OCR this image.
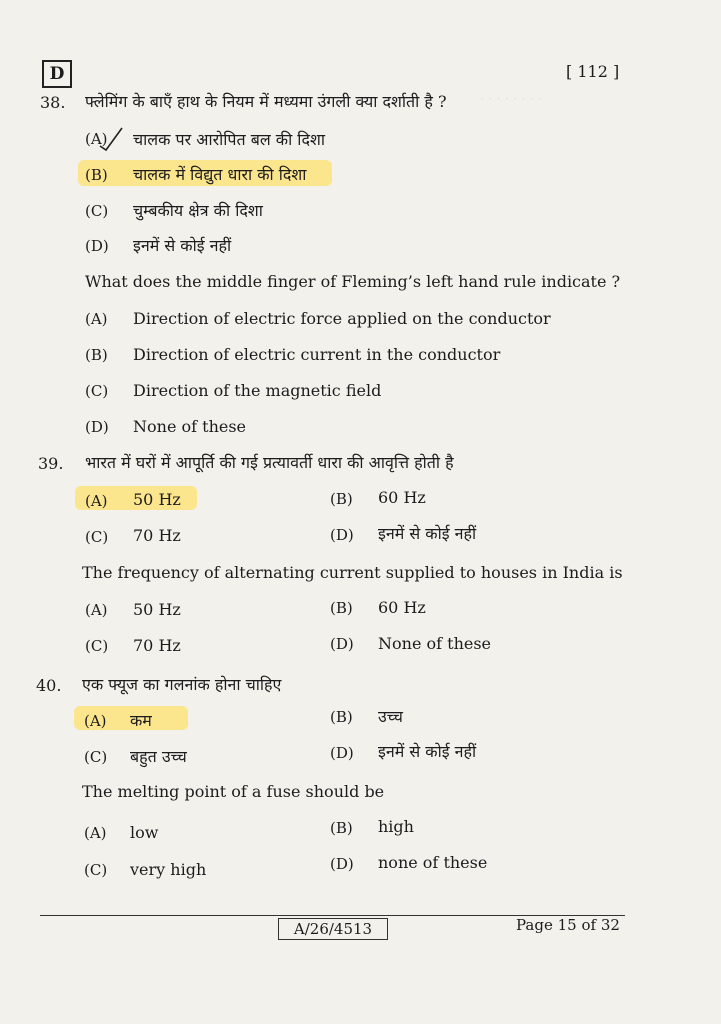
· · · · · · · ·
D	[ 112 ]
38. फ्लेमिंग के बाएँ हाथ के नियम में मध्यमा उंगली क्या दर्शाती है ?
(A) चालक पर आरोपित बल की दिशा
(B) चालक में विद्युत धारा की दिशा
(C) चुम्बकीय क्षेत्र की दिशा
(D) इनमें से कोई नहीं
What does the middle finger of Fleming’s left hand rule indicate ?
(A) Direction of electric force applied on the conductor
(B) Direction of electric current in the conductor
(C) Direction of the magnetic field
(D) None of these
39. भारत में घरों में आपूर्ति की गई प्रत्यावर्ती धारा की आवृत्ति होती है
(A) 50 Hz	(B) 60 Hz
(C) 70 Hz	(D) इनमें से कोई नहीं
The frequency of alternating current supplied to houses in India is
(A) 50 Hz	(B) 60 Hz
(C) 70 Hz	(D) None of these
40. एक फ्यूज का गलनांक होना चाहिए
(A) कम	(B) उच्च
(C) बहुत उच्च	(D) इनमें से कोई नहीं
The melting point of a fuse should be
(A) low	(B) high
(C) very high	(D) none of these
A/26/4513	Page 15 of 32
